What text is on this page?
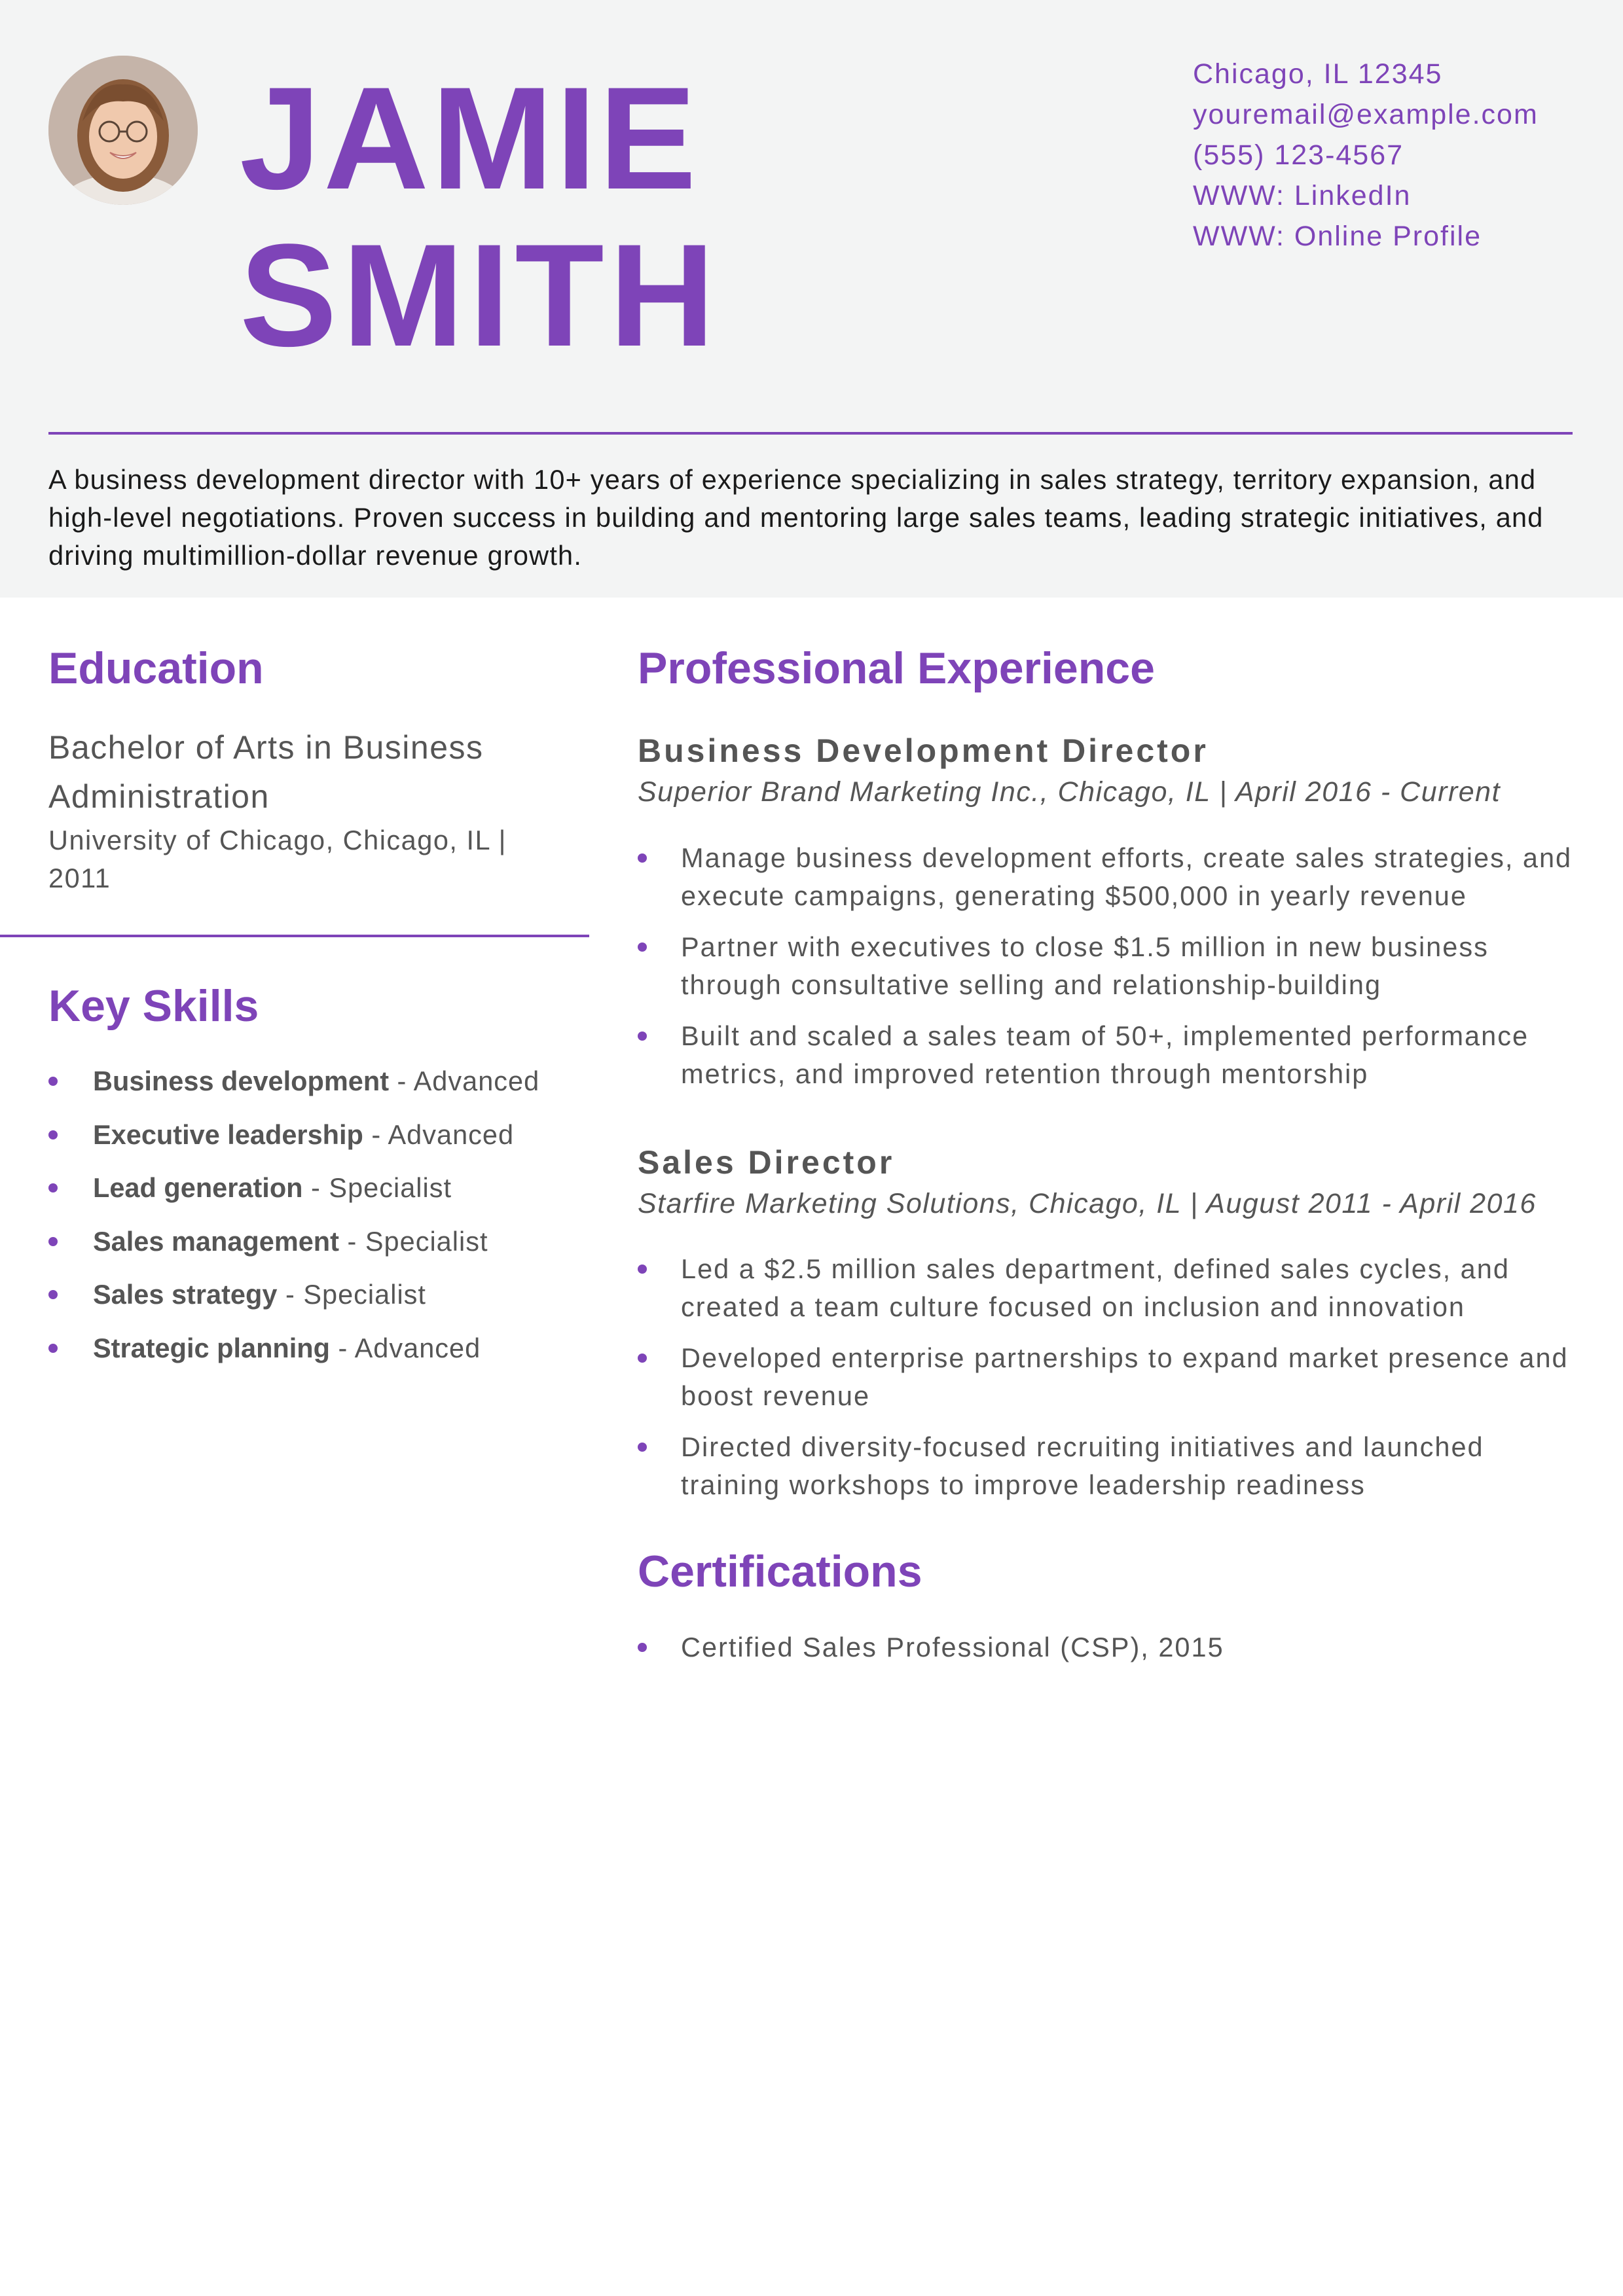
JAMIE
SMITH
Chicago, IL 12345
youremail@example.com
(555) 123-4567
WWW: LinkedIn
WWW: Online Profile

A business development director with 10+ years of experience specializing in sales strategy, territory expansion, and high-level negotiations. Proven success in building and mentoring large sales teams, leading strategic initiatives, and driving multimillion-dollar revenue growth.

Education

Bachelor of Arts in Business Administration

University of Chicago, Chicago, IL | 2011

Key Skills
Business development - Advanced
Executive leadership - Advanced
Lead generation - Specialist
Sales management - Specialist
Sales strategy - Specialist
Strategic planning - Advanced
Professional Experience
Business Development Director

Superior Brand Marketing Inc., Chicago, IL | April 2016 - Current

Manage business development efforts, create sales strategies, and execute campaigns, generating $500,000 in yearly revenue
Partner with executives to close $1.5 million in new business through consultative selling and relationship-building
Built and scaled a sales team of 50+, implemented performance metrics, and improved retention through mentorship
Sales Director

Starfire Marketing Solutions, Chicago, IL | August 2011 - April 2016

Led a $2.5 million sales department, defined sales cycles, and created a team culture focused on inclusion and innovation
Developed enterprise partnerships to expand market presence and boost revenue
Directed diversity-focused recruiting initiatives and launched training workshops to improve leadership readiness
Certifications
Certified Sales Professional (CSP), 2015
